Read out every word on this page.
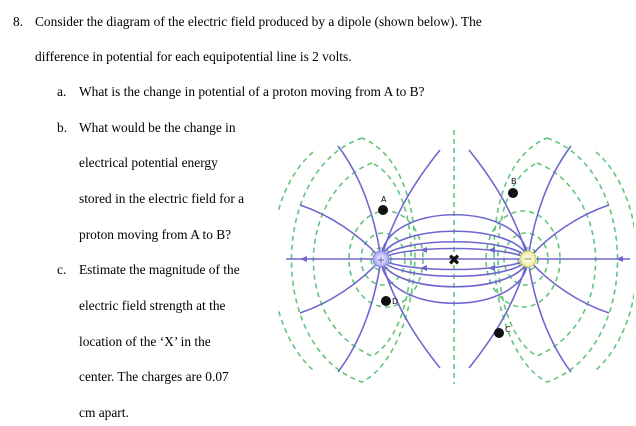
8. Consider the diagram of the electric field produced by a dipole (shown below). The
difference in potential for each equipotential line is 2 volts.
a. What is the change in potential of a proton moving from A to B?
b. What would be the change in
electrical potential energy
stored in the electric field for a
proton moving from A to B?
c. Estimate the magnitude of the
electric field strength at the
location of the ‘X’ in the
center. The charges are 0.07
cm apart.
+	−
✖
A
B
C
D
